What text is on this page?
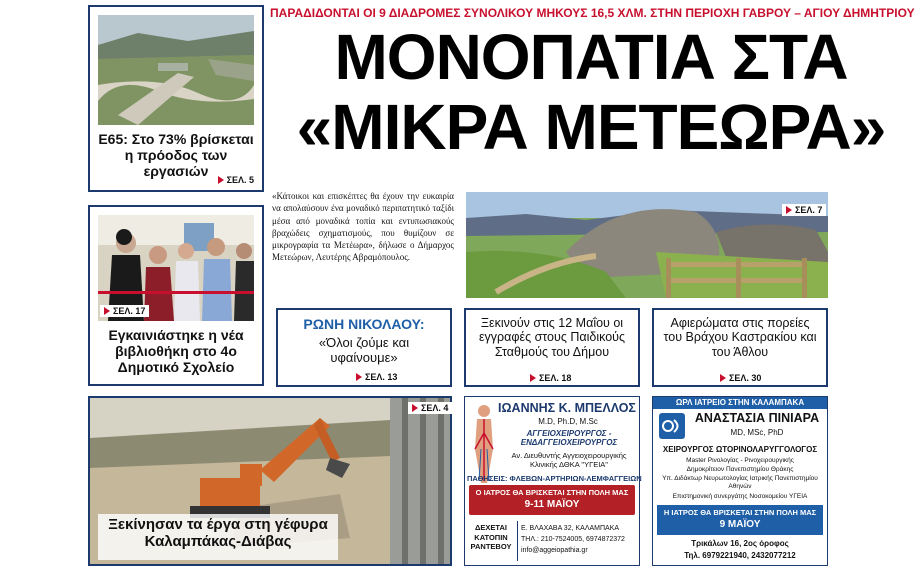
Ε65: Στο 73% βρίσκεται η πρόοδος των εργασιών
ΣΕΛ. 5
ΣΕΛ. 17
Εγκαινιάστηκε η νέα βιβλιοθήκη στο 4ο Δημοτικό Σχολείο
ΣΕΛ. 4
Ξεκίνησαν τα έργα στη γέφυρα Καλαμπάκας-Διάβας
ΠΑΡΑΔΙΔΟΝΤΑΙ ΟΙ 9 ΔΙΑΔΡΟΜΕΣ ΣΥΝΟΛΙΚΟΥ ΜΗΚΟΥΣ 16,5 ΧΛΜ. ΣΤΗΝ ΠΕΡΙΟΧΗ ΓΑΒΡΟΥ – ΑΓΙΟΥ ΔΗΜΗΤΡΙΟΥ
ΜΟΝΟΠΑΤΙΑ ΣΤΑ
«ΜΙΚΡΑ ΜΕΤΕΩΡΑ»
«Κάτοικοι και επισκέπτες θα έχουν την ευκαιρία να απολαύσουν ένα μοναδικό περιπατητικό ταξίδι μέσα από μοναδικά τοπία και εντυπωσιακούς βραχώδεις σχηματισμούς, που θυμίζουν σε μικρογραφία τα Μετέωρα», δήλωσε ο Δήμαρχος Μετεώρων, Λευτέρης Αβραμόπουλος.
ΣΕΛ. 7
ΡΩΝΗ ΝΙΚΟΛΑΟΥ:
«Όλοι ζούμε και υφαίνουμε»
ΣΕΛ. 13
Ξεκινούν στις 12 Μαΐου οι εγγραφές στους Παιδικούς Σταθμούς του Δήμου
ΣΕΛ. 18
Αφιερώματα στις πορείες του Βράχου Καστρακίου και του Άθλου
ΣΕΛ. 30
ΙΩΑΝΝΗΣ Κ. ΜΠΕΛΛΟΣ
M.D, Ph.D, M.Sc
ΑΓΓΕΙΟΧΕΙΡΟΥΡΓΟΣ - ΕΝΔΑΓΓΕΙΟΧΕΙΡΟΥΡΓΟΣ
Αν. Διευθυντής Αγγειοχειρουργικής Κλινικής ΔΘΚΑ "ΥΓΕΙΑ"
ΠΑΘΗΣΕΙΣ: ΦΛΕΒΩΝ-ΑΡΤΗΡΙΩΝ-ΛΕΜΦΑΓΓΕΙΩΝ
Ο ΙΑΤΡΟΣ ΘΑ ΒΡΙΣΚΕΤΑΙ ΣΤΗΝ ΠΟΛΗ ΜΑΣ
9-11 ΜΑΪΟΥ
ΔΕΧΕΤΑΙ ΚΑΤΟΠΙΝ ΡΑΝΤΕΒΟΥ
Ε. ΒΛΑΧΑΒΑ 32, ΚΑΛΑΜΠΑΚΑ
ΤΗΛ.: 210-7524005, 6974872372
info@aggeiopathia.gr
ΩΡΛ ΙΑΤΡΕΙΟ ΣΤΗΝ ΚΑΛΑΜΠΑΚΑ
ΑΝΑΣΤΑΣΙΑ ΠΙΝΙΑΡΑ
MD, MSc, PhD
ΧΕΙΡΟΥΡΓΟΣ ΩΤΟΡΙΝΟΛΑΡΥΓΓΟΛΟΓΟΣ
Master Ρινολογίας - Ρινοχειρουργικής
Δημοκρίτειον Πανεπιστημίου Θράκης
Υπ. Διδάκτωρ Νευρωτολογίας Ιατρικής Πανεπιστημίου Αθηνών
Επιστημονική συνεργάτης Νοσοκομείου ΥΓΕΙΑ
Η ΙΑΤΡΟΣ ΘΑ ΒΡΙΣΚΕΤΑΙ ΣΤΗΝ ΠΟΛΗ ΜΑΣ
9 ΜΑΪΟΥ
Τρικάλων 16, 2ος όροφος
Τηλ. 6979221940, 2432077212
